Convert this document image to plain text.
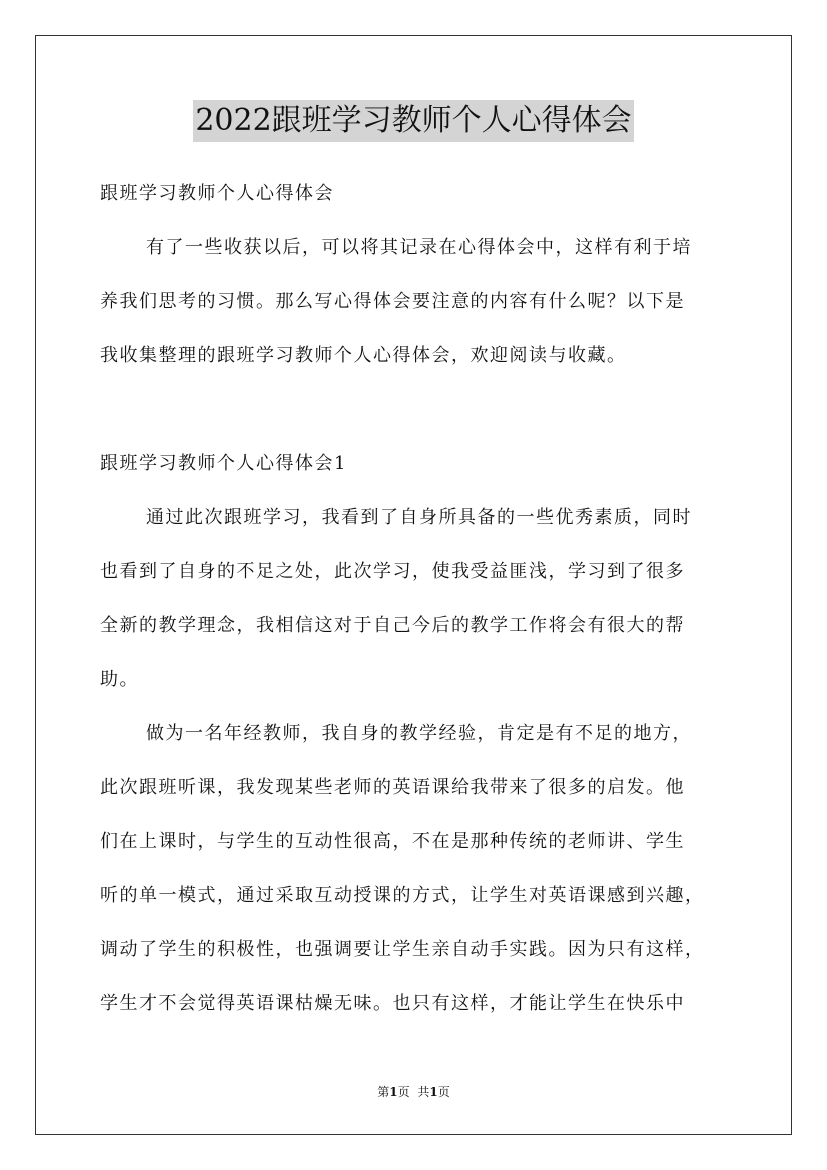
2022跟班学习教师个人心得体会
跟班学习教师个人心得体会
有了一些收获以后，可以将其记录在心得体会中，这样有利于培
养我们思考的习惯。那么写心得体会要注意的内容有什么呢？以下是
我收集整理的跟班学习教师个人心得体会，欢迎阅读与收藏。
跟班学习教师个人心得体会1
通过此次跟班学习，我看到了自身所具备的一些优秀素质，同时
也看到了自身的不足之处，此次学习，使我受益匪浅，学习到了很多
全新的教学理念，我相信这对于自己今后的教学工作将会有很大的帮
助。
做为一名年经教师，我自身的教学经验，肯定是有不足的地方，
此次跟班听课，我发现某些老师的英语课给我带来了很多的启发。他
们在上课时，与学生的互动性很高，不在是那种传统的老师讲、学生
听的单一模式，通过采取互动授课的方式，让学生对英语课感到兴趣，
调动了学生的积极性，也强调要让学生亲自动手实践。因为只有这样，
学生才不会觉得英语课枯燥无味。也只有这样，才能让学生在快乐中
第1页 共1页
